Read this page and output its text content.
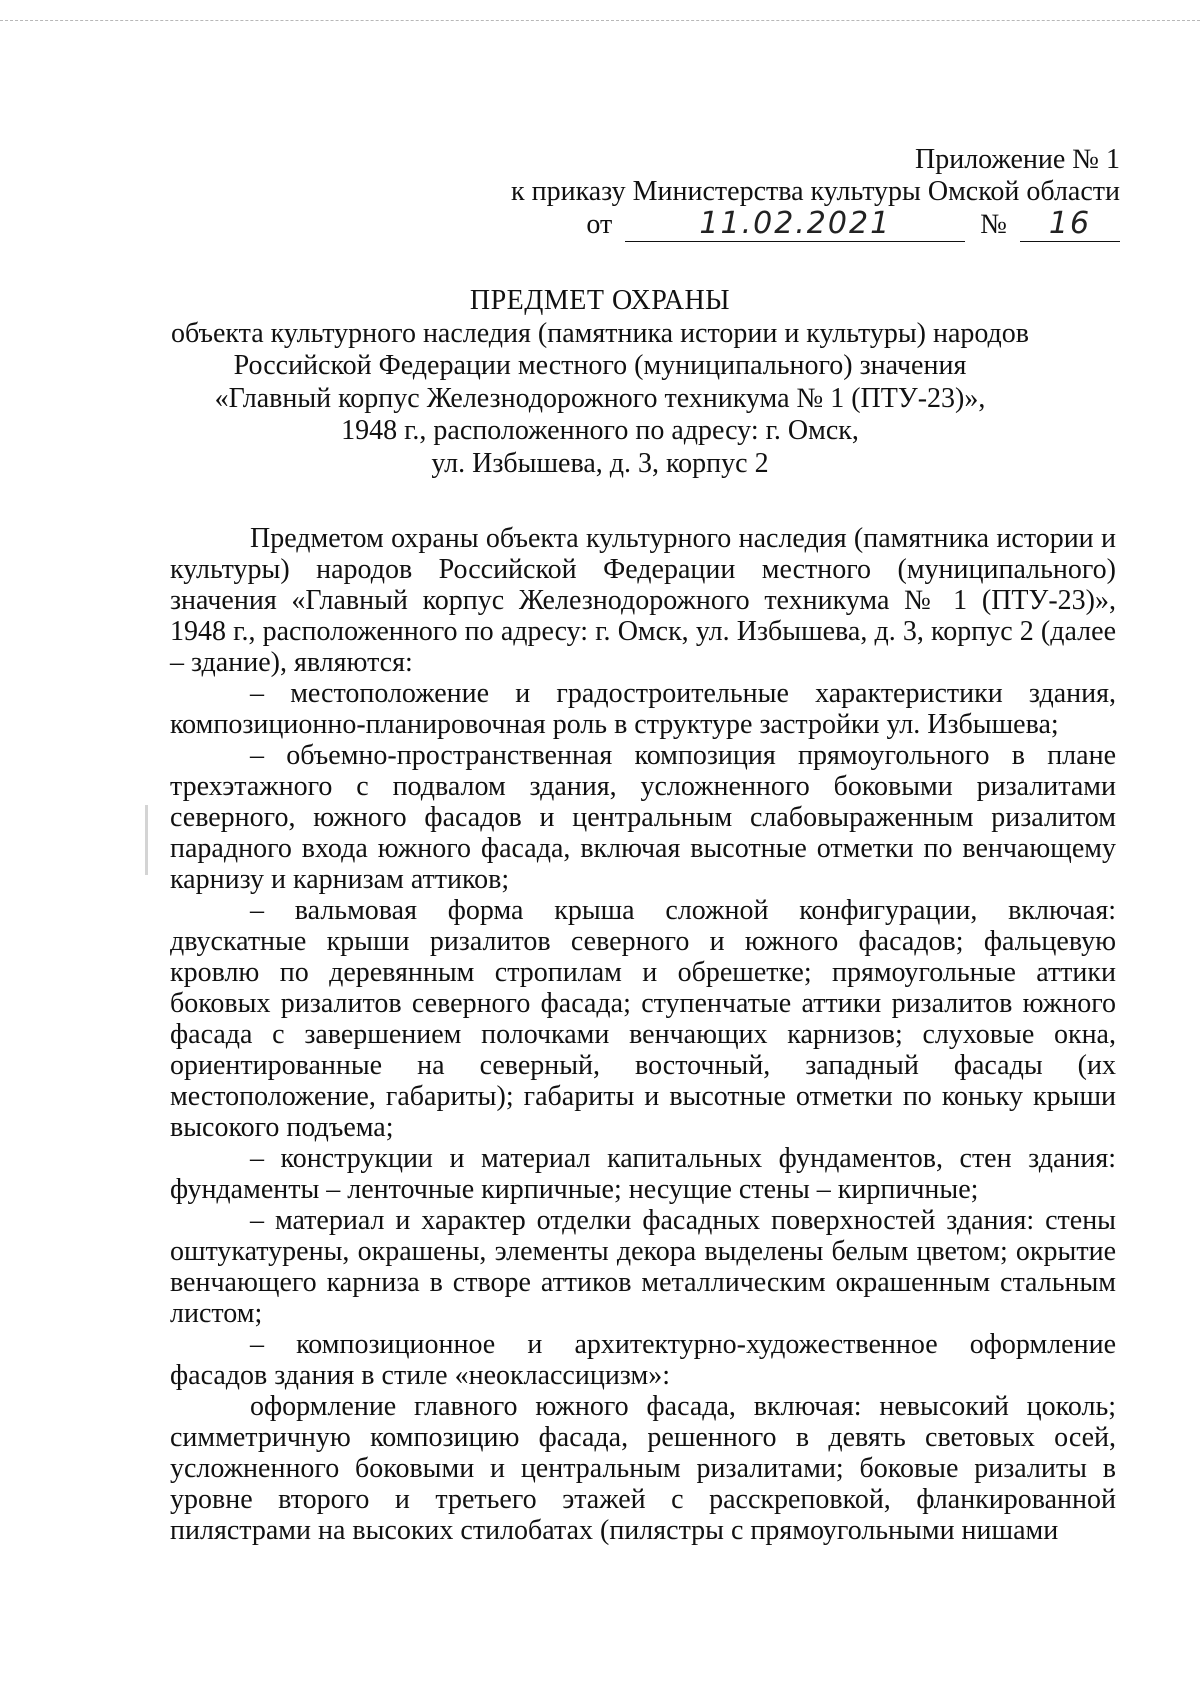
Приложение № 1
к приказу Министерства культуры Омской области
от	11.02.2021	№ 16
ПРЕДМЕТ ОХРАНЫ
объекта культурного наследия (памятника истории и культуры) народов
Российской Федерации местного (муниципального) значения
«Главный корпус Железнодорожного техникума № 1 (ПТУ-23)»,
1948 г., расположенного по адресу: г. Омск,
ул. Избышева, д. 3, корпус 2

Предметом охраны объекта культурного наследия (памятника истории и культуры) народов Российской Федерации местного (муниципального) значения «Главный корпус Железнодорожного техникума № 1 (ПТУ-23)», 1948 г., расположенного по адресу: г. Омск, ул. Избышева, д. 3, корпус 2 (далее – здание), являются:

– местоположение и градостроительные характеристики здания, композиционно-планировочная роль в структуре застройки ул. Избышева;

– объемно-пространственная композиция прямоугольного в плане трехэтажного с подвалом здания, усложненного боковыми ризалитами северного, южного фасадов и центральным слабовыраженным ризалитом парадного входа южного фасада, включая высотные отметки по венчающему карнизу и карнизам аттиков;

– вальмовая форма крыша сложной конфигурации, включая: двускатные крыши ризалитов северного и южного фасадов; фальцевую кровлю по деревянным стропилам и обрешетке; прямоугольные аттики боковых ризалитов северного фасада; ступенчатые аттики ризалитов южного фасада с завершением полочками венчающих карнизов; слуховые окна, ориентированные на северный, восточный, западный фасады (их местоположение, габариты); габариты и высотные отметки по коньку крыши высокого подъема;

– конструкции и материал капитальных фундаментов, стен здания: фундаменты – ленточные кирпичные; несущие стены – кирпичные;

– материал и характер отделки фасадных поверхностей здания: стены оштукатурены, окрашены, элементы декора выделены белым цветом; окрытие венчающего карниза в створе аттиков металлическим окрашенным стальным листом;

– композиционное и архитектурно-художественное оформление фасадов здания в стиле «неоклассицизм»:

оформление главного южного фасада, включая: невысокий цоколь; симметричную композицию фасада, решенного в девять световых осей, усложненного боковыми и центральным ризалитами; боковые ризалиты в уровне второго и третьего этажей с расскреповкой, фланкированной пилястрами на высоких стилобатах (пилястры с прямоугольными нишами
